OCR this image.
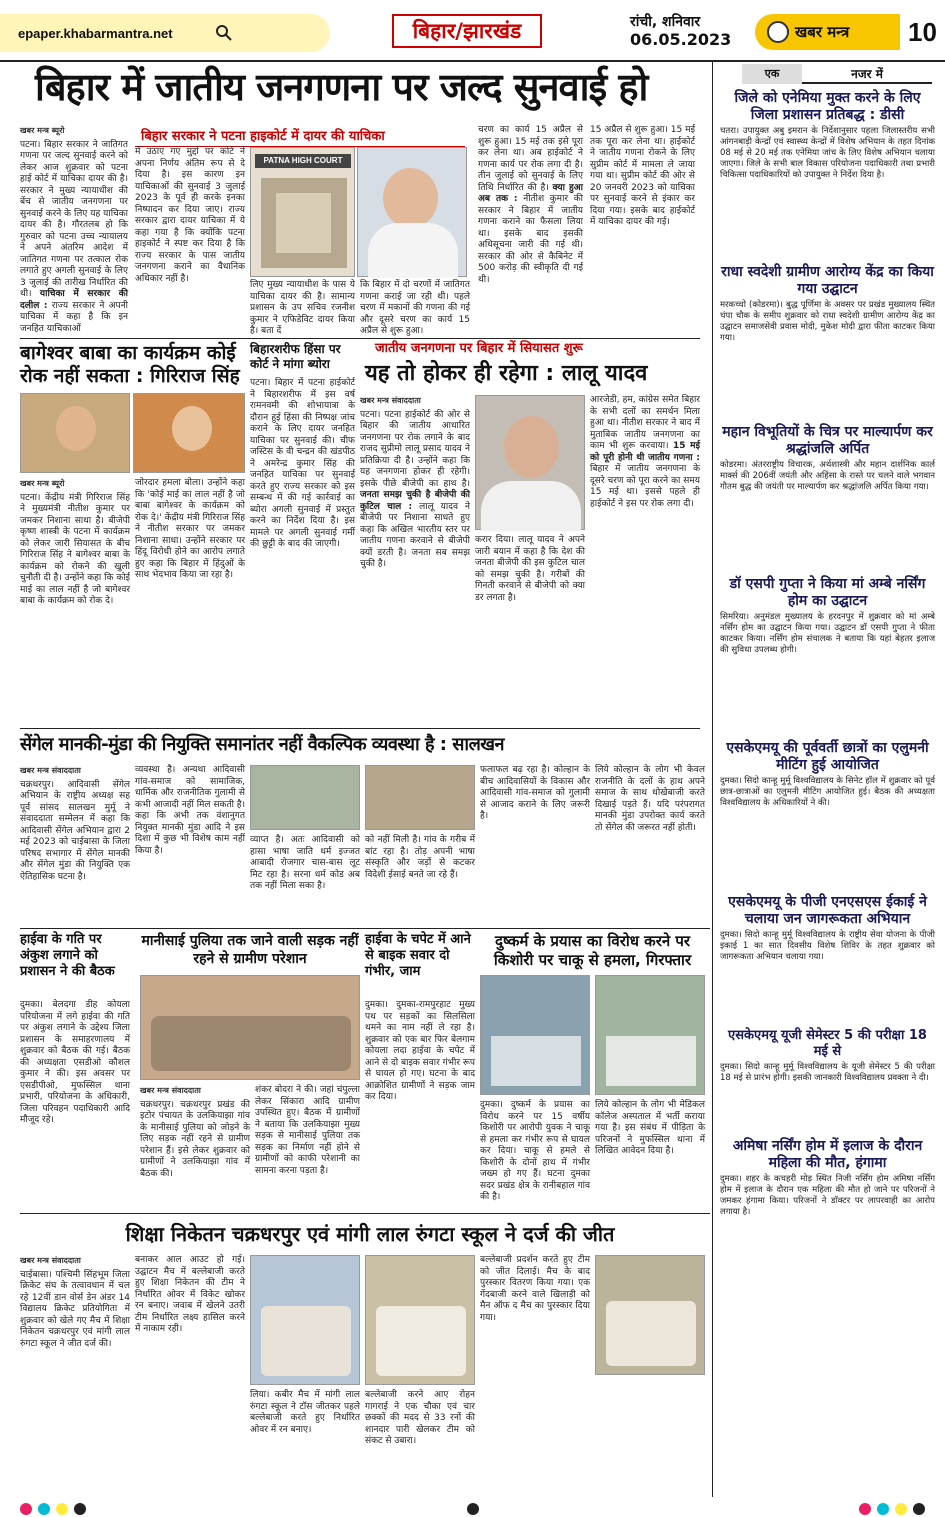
epaper.khabarmantra.net	बिहार/झारखंड	रांची, शनिवार
06.05.2023	खबर मन्त्र 10
बिहार में जातीय जनगणना पर जल्द सुनवाई हो
खबर मन्त्र ब्यूरो
पटना। बिहार सरकार ने जातिगत गणना पर जल्द सुनवाई करने को लेकर आज शुक्रवार को पटना हाई कोर्ट में याचिका दायर की है। सरकार ने मुख्य न्यायाधीश की बेंच से जातीय जनगणना पर सुनवाई करने के लिए यह याचिका दायर की है। गौरतलब हो कि गुरुवार को पटना उच्च न्यायालय ने अपने अंतरिम आदेश में जातिगत गणना पर तत्काल रोक लगाते हुए अगली सुनवाई के लिए 3 जुलाई की तारीख निर्धारित की थी। याचिका में सरकार की दलील : राज्य सरकार ने अपनी याचिका में कहा है कि इन जनहित याचिकाओं
बिहार सरकार ने पटना हाइकोर्ट में दायर की याचिका
में उठाए गए मुद्दों पर कोर्ट ने अपना निर्णय अंतिम रूप से दे दिया है। इस कारण इन याचिकाओं की सुनवाई 3 जुलाई 2023 के पूर्व ही करके इनका निष्पादन कर दिया जाए। राज्य सरकार द्वारा दायर याचिका में ये कहा गया है कि क्योंकि पटना हाइकोर्ट ने स्पष्ट कर दिया है कि राज्य सरकार के पास जातीय जनगणना कराने का वैधानिक अधिकार नहीं है।
PATNA HIGH COURT
लिए मुख्य न्यायाधीश के पास ये याचिका दायर की है। सामान्य प्रशासन के उप सचिव रजनीश कुमार ने एफिडेविट दायर किया है। बता दें
कि बिहार में दो चरणों में जातिगत गणना कराई जा रही थी। पहले चरण में मकानों की गणना की गई और दूसरे चरण का कार्य 15 अप्रैल से शुरू हुआ।
चरण का कार्य 15 अप्रैल से शुरू हुआ। 15 मई तक इसे पूरा कर लेना था। अब हाईकोर्ट ने गणना कार्य पर रोक लगा दी है। तीन जुलाई को सुनवाई के लिए तिथि निर्धारित की है। क्या हुआ अब तक : नीतीश कुमार की सरकार ने बिहार में जातीय गणना कराने का फैसला लिया था। इसके बाद इसकी अधिसूचना जारी की गई थी। सरकार की ओर से कैबिनेट में 500 करोड़ की स्वीकृति दी गई थी।
15 अप्रैल से शुरू हुआ। 15 मई तक पूरा कर लेना था। हाईकोर्ट ने जातीय गणना रोकने के लिए सुप्रीम कोर्ट में मामला ले जाया गया था। सुप्रीम कोर्ट की ओर से 20 जनवरी 2023 को याचिका पर सुनवाई करने से इंकार कर दिया गया। इसके बाद हाईकोर्ट में याचिका दायर की गई।
बागेश्वर बाबा का कार्यक्रम कोई रोक नहीं सकता : गिरिराज सिंह
खबर मन्त्र ब्यूरो
पटना। केंद्रीय मंत्री गिरिराज सिंह ने मुख्यमंत्री नीतीश कुमार पर जमकर निशाना साधा है। बीजेपी कृष्ण शास्त्री के पटना में कार्यक्रम को लेकर जारी सियासत के बीच गिरिराज सिंह ने बागेश्वर बाबा के कार्यक्रम को रोकने की खुली चुनौती दी है। उन्होंने कहा कि कोई माई का लाल नहीं है जो बागेश्वर बाबा के कार्यक्रम को रोक दे।
जोरदार हमला बोला। उन्होंने कहा कि 'कोई माई का लाल नहीं है जो बाबा बागेश्वर के कार्यक्रम को रोक दे।' केंद्रीय मंत्री गिरिराज सिंह ने नीतीश सरकार पर जमकर निशाना साधा। उन्होंने सरकार पर हिंदू विरोधी होने का आरोप लगाते हुए कहा कि बिहार में हिंदुओं के साथ भेदभाव किया जा रहा है।
बिहारशरीफ हिंसा पर कोर्ट ने मांगा ब्योरा
पटना। बिहार में पटना हाईकोर्ट ने बिहारशरीफ में इस वर्ष रामनवमी की शोभायात्रा के दौरान हुई हिंसा की निष्पक्ष जांच कराने के लिए दायर जनहित याचिका पर सुनवाई की। चीफ जस्टिस के वी चन्द्रन की खंडपीठ ने अमरेन्द्र कुमार सिंह की जनहित याचिका पर सुनवाई करते हुए राज्य सरकार को इस सम्बन्ध में की गई कार्रवाई का ब्योरा अगली सुनवाई में प्रस्तुत करने का निर्देश दिया है। इस मामले पर अगली सुनवाई गर्मी की छुट्टी के बाद की जाएगी।
जातीय जनगणना पर बिहार में सियासत शुरू
यह तो होकर ही रहेगा : लालू यादव
खबर मन्त्र संवाददाता
पटना। पटना हाईकोर्ट की ओर से बिहार की जातीय आधारित जनगणना पर रोक लगाने के बाद राजद सुप्रीमो लालू प्रसाद यादव ने प्रतिक्रिया दी है। उन्होंने कहा कि यह जनगणना होकर ही रहेगी। इसके पीछे बीजेपी का हाथ है। जनता समझ चुकी है बीजेपी की कुटिल चाल : लालू यादव ने बीजेपी पर निशाना साधते हुए कहा कि अखिल भारतीय स्तर पर जातीय गणना करवाने से बीजेपी क्यों डरती है। जनता सब समझ चुकी है।
करार दिया। लालू यादव ने अपने जारी बयान में कहा है कि देश की जनता बीजेपी की इस कुटिल चाल को समझ चुकी है। गरीबों की गिनती करवाने से बीजेपी को क्या डर लगता है।
आरजेडी, हम, कांग्रेस समेत बिहार के सभी दलों का समर्थन मिला हुआ था। नीतीश सरकार ने बाद में मुताबिक जातीय जनगणना का काम भी शुरू करवाया। 15 मई को पूरी होनी थी जातीय गणना : बिहार में जातीय जनगणना के दूसरे चरण को पूरा करने का समय 15 मई था। इससे पहले ही हाईकोर्ट ने इस पर रोक लगा दी।
सेंगेल मानकी-मुंडा की नियुक्ति समानांतर नहीं वैकल्पिक व्यवस्था है : सालखन
खबर मन्त्र संवाददाता
चक्रधरपुर। आदिवासी सेंगेल अभियान के राष्ट्रीय अध्यक्ष सह पूर्व सांसद सालखन मुर्मू ने संवाददाता सम्मेलन में कहा कि आदिवासी सेंगेल अभियान द्वारा 2 मई 2023 को चाईबासा के जिला परिषद सभागार में सेंगेल मानकी और सेंगेल मुंडा की नियुक्ति एक ऐतिहासिक घटना है।
व्यवस्था है। अन्यथा आदिवासी गांव-समाज को सामाजिक, धार्मिक और राजनीतिक गुलामी से कभी आजादी नहीं मिल सकती है। कहा कि अभी तक वंशानुगत नियुक्त मानकी मुंडा आदि ने इस दिशा में कुछ भी विशेष काम नहीं किया है।
व्याप्त है। अतः आदिवासी को हासा भाषा जाति धर्म इज्जत आबादी रोजगार चास-बास लूट मिट रहा है। सरना धर्म कोड अब तक नहीं मिला सका है।
को नहीं मिली है। गांव के गरीब में बांट रहा है। तोड़ अपनी भाषा संस्कृति और जड़ों से कटकर विदेशी ईसाई बनते जा रहे हैं।
फलाफल बढ़ रहा है। कोल्हान के बीच आदिवासियों के विकास और आदिवासी गांव-समाज को गुलामी से आजाद कराने के लिए जरूरी है।
लिये कोल्हान के लोग भी केवल राजनीति के दलों के हाथ अपने समाज के साथ धोखेबाजी करते दिखाई पड़ते हैं। यदि परंपरागत मानकी मुंडा उपरोक्त कार्य करते तो सेंगेल की जरूरत नहीं होती।
हाईवा के गति पर अंकुश लगाने को प्रशासन ने की बैठक
दुमका। बेलदगा डीह कोयला परियोजना में लगे हाईवा की गति पर अंकुश लगाने के उद्देश्य जिला प्रशासन के समाहरणालय में शुक्रवार को बैठक की गई। बैठक की अध्यक्षता एसडीओ कौशल कुमार ने की। इस अवसर पर एसडीपीओ, मुफस्सिल थाना प्रभारी, परियोजना के अधिकारी, जिला परिवहन पदाधिकारी आदि मौजूद रहे।
मानीसाई पुलिया तक जाने वाली सड़क नहीं रहने से ग्रामीण परेशान
खबर मन्त्र संवाददाता
चक्रधरपुर। चक्रधरपुर प्रखंड की इटोर पंचायत के उलकियाझा गांव के मानीसाई पुलिया को जोड़ने के लिए सड़क नहीं रहने से ग्रामीण परेशान हैं। इसे लेकर शुक्रवार को ग्रामीणों ने उलकियाझा गांव में बैठक की।
शंकर बोदरा ने की। जहां चंपुल्ला लेकर सिंकारा आदि ग्रामीण उपस्थित हुए। बैठक में ग्रामीणों ने बताया कि उलकियाझा मुख्य सड़क से मानीसाई पुलिया तक सड़क का निर्माण नहीं होने से ग्रामीणों को काफी परेशानी का सामना करना पड़ता है।
हाईवा के चपेट में आने से बाइक सवार दो गंभीर, जाम
दुमका। दुमका-रामपुरहाट मुख्य पथ पर सड़कों का सिलसिला थमने का नाम नहीं ले रहा है। शुक्रवार को एक बार फिर बेलगाम कोयला लदा हाईवा के चपेट में आने से दो बाइक सवार गंभीर रूप से घायल हो गए। घटना के बाद आक्रोशित ग्रामीणों ने सड़क जाम कर दिया।
दुष्कर्म के प्रयास का विरोध करने पर किशोरी पर चाकू से हमला, गिरफ्तार
दुमका। दुष्कर्म के प्रयास का विरोध करने पर 15 वर्षीय किशोरी पर आरोपी युवक ने चाकू से हमला कर गंभीर रूप से घायल कर दिया। चाकू से हमले से किशोरी के दोनों हाथ में गंभीर जख्म हो गए हैं। घटना दुमका सदर प्रखंड क्षेत्र के रानीबहाल गांव की है।
लिये कोल्हान के लोग भी मेडिकल कॉलेज अस्पताल में भर्ती कराया गया है। इस संबंध में पीड़िता के परिजनों ने मुफस्सिल थाना में लिखित आवेदन दिया है।
शिक्षा निकेतन चक्रधरपुर एवं मांगी लाल रुंगटा स्कूल ने दर्ज की जीत
खबर मन्त्र संवाददाता
चाईबासा। पश्चिमी सिंहभूम जिला क्रिकेट संघ के तत्वावधान में चल रहे 12वीं डान वोर्स डेन अंडर 14 विद्यालय क्रिकेट प्रतियोगिता में शुक्रवार को खेले गए मैच में शिक्षा निकेतन चक्रधरपुर एवं मांगी लाल रुंगटा स्कूल ने जीत दर्ज की।
बनाकर आल आउट हो गई। उद्घाटन मैच में बल्लेबाजी करते हुए शिक्षा निकेतन की टीम ने निर्धारित ओवर में विकेट खोकर रन बनाए। जवाब में खेलने उतरी टीम निर्धारित लक्ष्य हासिल करने में नाकाम रही।
लिया। कबीर मैच में मांगी लाल रुंगटा स्कूल ने टॉस जीतकर पहले बल्लेबाजी करते हुए निर्धारित ओवर में रन बनाए।
बल्लेबाजी करने आए रोहन गागराई ने एक चौका एवं चार छक्कों की मदद से 33 रनों की शानदार पारी खेलकर टीम को संकट से उबारा।
बल्लेबाजी प्रदर्शन करते हुए टीम को जीत दिलाई। मैच के बाद पुरस्कार वितरण किया गया। एक गेंदबाजी करने वाले खिलाड़ी को मैन ऑफ द मैच का पुरस्कार दिया गया।
एक	नजर में
जिले को एनेमिया मुक्त करने के लिए जिला प्रशासन प्रतिबद्ध : डीसी
चतरा। उपायुक्त अबु इमरान के निर्देशानुसार पहला जिलास्तरीय सभी आंगनबाड़ी केन्द्रों एवं स्वास्थ्य केन्द्रों में विशेष अभियान के तहत दिनांक 08 मई से 20 मई तक एनेमिया जांच के लिए विशेष अभियान चलाया जाएगा। जिले के सभी बाल विकास परियोजना पदाधिकारी तथा प्रभारी चिकित्सा पदाधिकारियों को उपायुक्त ने निर्देश दिया है।
राधा स्वदेशी ग्रामीण आरोग्य केंद्र का किया गया उद्घाटन
मरकच्चो (कोडरमा)। बुद्ध पूर्णिमा के अवसर पर प्रखंड मुख्यालय स्थित चंपा चौक के समीप शुक्रवार को राधा स्वदेशी ग्रामीण आरोग्य केंद्र का उद्घाटन समाजसेवी प्रवास मोदी, मुकेश मोदी द्वारा फीता काटकर किया गया।
महान विभूतियों के चित्र पर माल्यार्पण कर श्रद्धांजलि अर्पित
कोडरमा। अंतरराष्ट्रीय विचारक, अर्थशास्त्री और महान दार्शनिक कार्ल मार्क्स की 206वीं जयंती और अहिंसा के रास्ते पर चलने वाले भगवान गौतम बुद्ध की जयंती पर माल्यार्पण कर श्रद्धांजलि अर्पित किया गया।
डॉ एसपी गुप्ता ने किया मां अम्बे नर्सिंग होम का उद्घाटन
सिमरिया। अनुमंडल मुख्यालय के हरदनपुर में शुक्रवार को मां अम्बे नर्सिंग होम का उद्घाटन किया गया। उद्घाटन डॉ एसपी गुप्ता ने फीता काटकर किया। नर्सिंग होम संचालक ने बताया कि यहां बेहतर इलाज की सुविधा उपलब्ध होगी।
एसकेएमयू की पूर्ववर्ती छात्रों का एलुमनी मीटिंग हुई आयोजित
दुमका। सिदो कान्हू मुर्मू विश्वविद्यालय के सिनेट हॉल में शुक्रवार को पूर्व छात्र-छात्राओं का एलुमनी मीटिंग आयोजित हुई। बैठक की अध्यक्षता विश्वविद्यालय के अधिकारियों ने की।
एसकेएमयू के पीजी एनएसएस ईकाई ने चलाया जन जागरूकता अभियान
दुमका। सिदो कान्हू मुर्मू विश्वविद्यालय के राष्ट्रीय सेवा योजना के पीजी इकाई 1 का सात दिवसीय विशेष शिविर के तहत शुक्रवार को जागरूकता अभियान चलाया गया।
एसकेएमयू यूजी सेमेस्टर 5 की परीक्षा 18 मई से
दुमका। सिदो कान्हू मुर्मू विश्वविद्यालय के यूजी सेमेस्टर 5 की परीक्षा 18 मई से प्रारंभ होगी। इसकी जानकारी विश्वविद्यालय प्रवक्ता ने दी।
अमिषा नर्सिंग होम में इलाज के दौरान महिला की मौत, हंगामा
दुमका। शहर के कचहरी मोड़ स्थित निजी नर्सिंग होम अमिषा नर्सिंग होम में इलाज के दौरान एक महिला की मौत हो जाने पर परिजनों ने जमकर हंगामा किया। परिजनों ने डॉक्टर पर लापरवाही का आरोप लगाया है।
